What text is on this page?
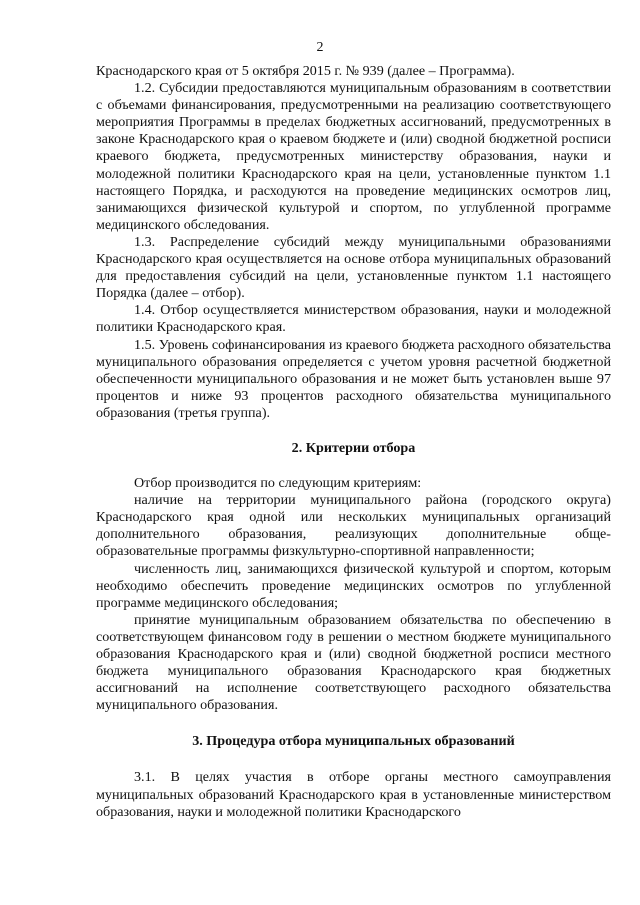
2

Краснодарского края от 5 октября 2015 г. № 939 (далее – Программа).

1.2. Субсидии предоставляются муниципальным образованиям в соответствии с объемами финансирования, предусмотренными на реализацию соответствующего мероприятия Программы в пределах бюджетных ассигнований, предусмотренных в законе Краснодарского края о краевом бюджете и (или) сводной бюджетной росписи краевого бюджета, предусмотренных министерству образования, науки и молодежной политики Краснодарского края на цели, установленные пунктом 1.1 настоящего Порядка, и расходуются на проведение медицинских осмотров лиц, занимающихся физической культурой и спортом, по углубленной программе медицинского обследования.

1.3. Распределение субсидий между муниципальными образованиями Краснодарского края осуществляется на основе отбора муниципальных образований для предоставления субсидий на цели, установленные пунктом 1.1 настоящего Порядка (далее – отбор).

1.4. Отбор осуществляется министерством образования, науки и молодежной политики Краснодарского края.

1.5. Уровень софинансирования из краевого бюджета расходного обязательства муниципального образования определяется с учетом уровня расчетной бюджетной обеспеченности муниципального образования и не может быть установлен выше 97 процентов и ниже 93 процентов расходного обязательства муниципального образования (третья группа).

2. Критерии отбора

Отбор производится по следующим критериям:

наличие на территории муниципального района (городского округа) Краснодарского края одной или нескольких муниципальных организаций дополнительного образования, реализующих дополнительные обще-образовательные программы физкультурно-спортивной направленности;

численность лиц, занимающихся физической культурой и спортом, которым необходимо обеспечить проведение медицинских осмотров по углубленной программе медицинского обследования;

принятие муниципальным образованием обязательства по обеспечению в соответствующем финансовом году в решении о местном бюджете муниципального образования Краснодарского края и (или) сводной бюджетной росписи местного бюджета муниципального образования Краснодарского края бюджетных ассигнований на исполнение соответствующего расходного обязательства муниципального образования.

3. Процедура отбора муниципальных образований

3.1. В целях участия в отборе органы местного самоуправления муниципальных образований Краснодарского края в установленные министерством образования, науки и молодежной политики Краснодарского
